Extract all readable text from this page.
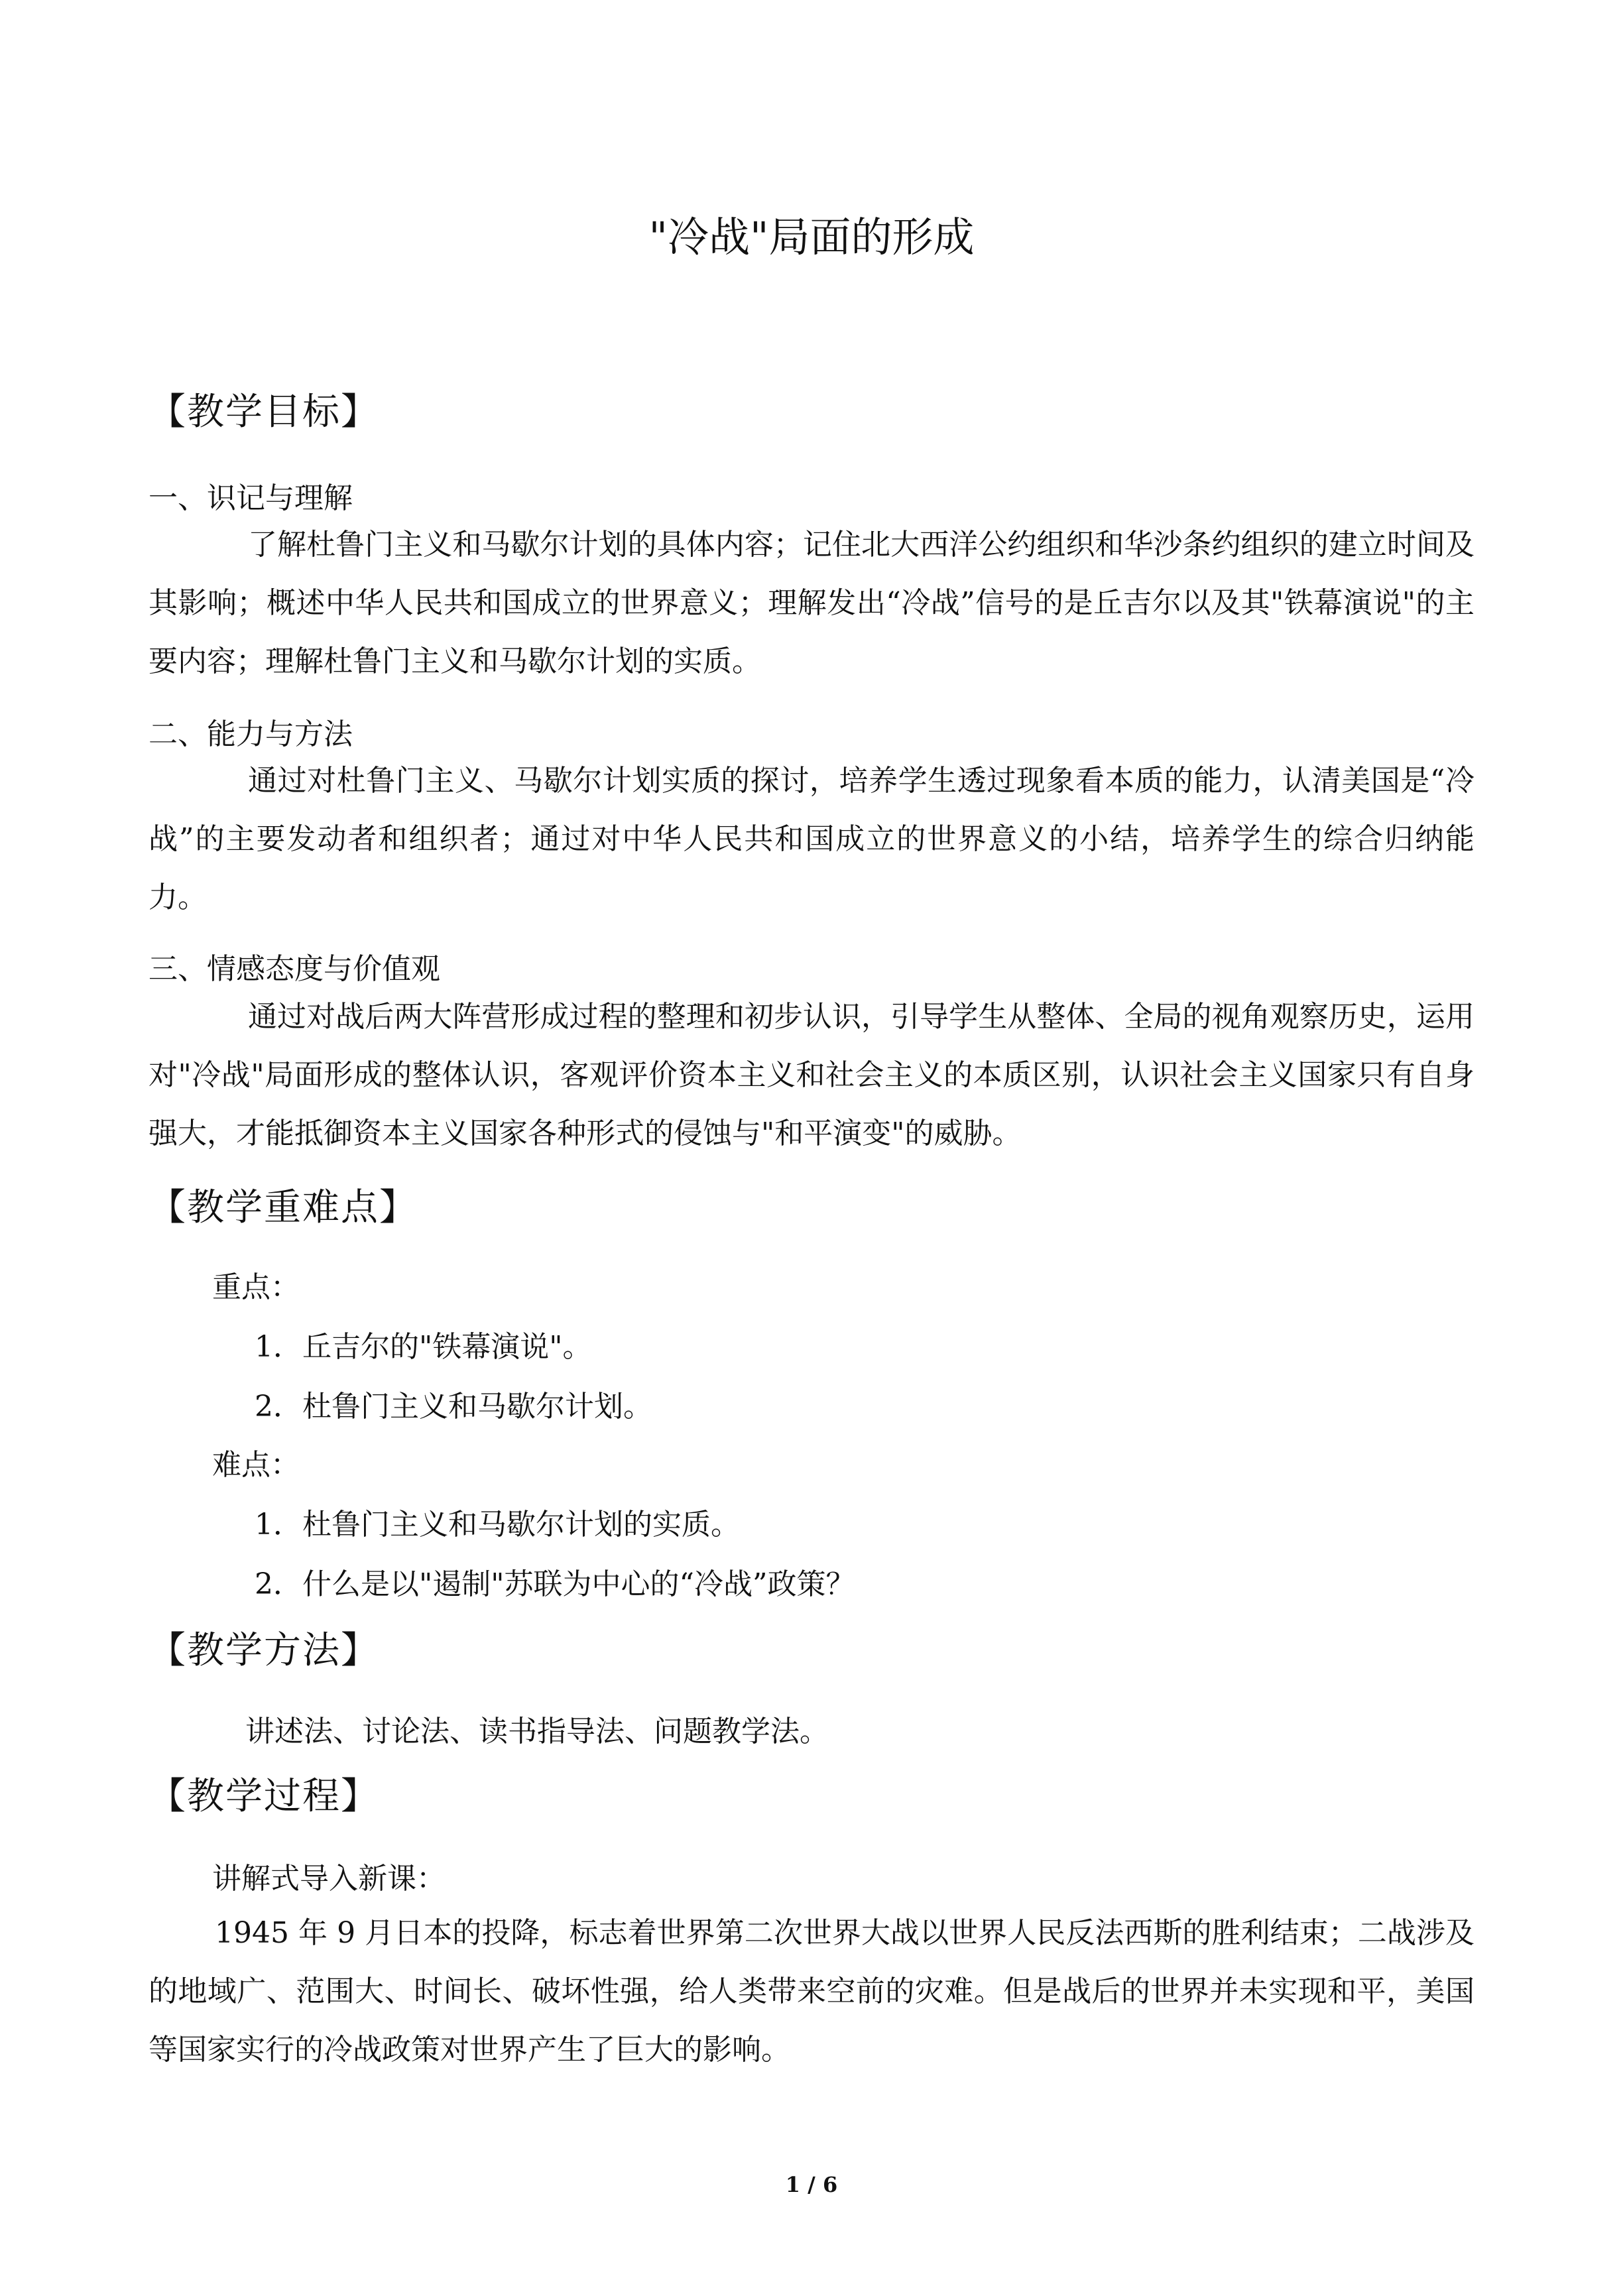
"冷战"局面的形成
【教学目标】
一、识记与理解

了解杜鲁门主义和马歇尔计划的具体内容；记住北大西洋公约组织和华沙条约组织的建立时间及其影响；概述中华人民共和国成立的世界意义；理解发出“冷战”信号的是丘吉尔以及其"铁幕演说"的主要内容；理解杜鲁门主义和马歇尔计划的实质。

二、能力与方法

通过对杜鲁门主义、马歇尔计划实质的探讨，培养学生透过现象看本质的能力，认清美国是“冷战”的主要发动者和组织者；通过对中华人民共和国成立的世界意义的小结，培养学生的综合归纳能力。

三、情感态度与价值观

通过对战后两大阵营形成过程的整理和初步认识，引导学生从整体、全局的视角观察历史，运用对"冷战"局面形成的整体认识，客观评价资本主义和社会主义的本质区别，认识社会主义国家只有自身强大，才能抵御资本主义国家各种形式的侵蚀与"和平演变"的威胁。

【教学重难点】

重点：

1．丘吉尔的"铁幕演说"。

2．杜鲁门主义和马歇尔计划。

难点：

1．杜鲁门主义和马歇尔计划的实质。

2．什么是以"遏制"苏联为中心的“冷战”政策？

【教学方法】

讲述法、讨论法、读书指导法、问题教学法。

【教学过程】

讲解式导入新课：

1945 年 9 月日本的投降，标志着世界第二次世界大战以世界人民反法西斯的胜利结束；二战涉及的地域广、范围大、时间长、破坏性强，给人类带来空前的灾难。但是战后的世界并未实现和平，美国等国家实行的冷战政策对世界产生了巨大的影响。

1 / 6
